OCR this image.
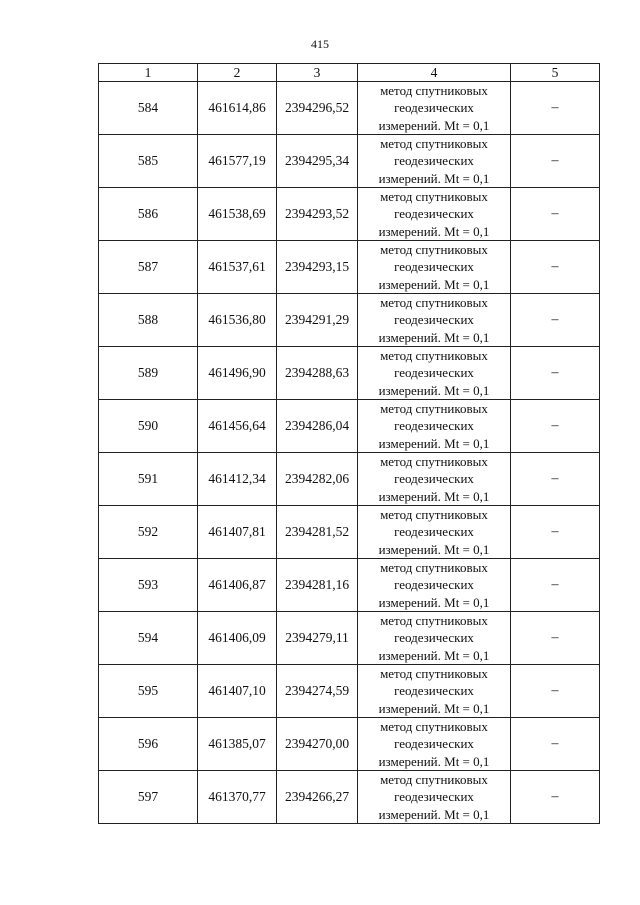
415
1	2	3	4	5
584	461614,86	2394296,52	метод спутниковых
геодезических
измерений. Mt = 0,1	–
585	461577,19	2394295,34	метод спутниковых
геодезических
измерений. Mt = 0,1	–
586	461538,69	2394293,52	метод спутниковых
геодезических
измерений. Mt = 0,1	–
587	461537,61	2394293,15	метод спутниковых
геодезических
измерений. Mt = 0,1	–
588	461536,80	2394291,29	метод спутниковых
геодезических
измерений. Mt = 0,1	–
589	461496,90	2394288,63	метод спутниковых
геодезических
измерений. Mt = 0,1	–
590	461456,64	2394286,04	метод спутниковых
геодезических
измерений. Mt = 0,1	–
591	461412,34	2394282,06	метод спутниковых
геодезических
измерений. Mt = 0,1	–
592	461407,81	2394281,52	метод спутниковых
геодезических
измерений. Mt = 0,1	–
593	461406,87	2394281,16	метод спутниковых
геодезических
измерений. Mt = 0,1	–
594	461406,09	2394279,11	метод спутниковых
геодезических
измерений. Mt = 0,1	–
595	461407,10	2394274,59	метод спутниковых
геодезических
измерений. Mt = 0,1	–
596	461385,07	2394270,00	метод спутниковых
геодезических
измерений. Mt = 0,1	–
597	461370,77	2394266,27	метод спутниковых
геодезических
измерений. Mt = 0,1	–
